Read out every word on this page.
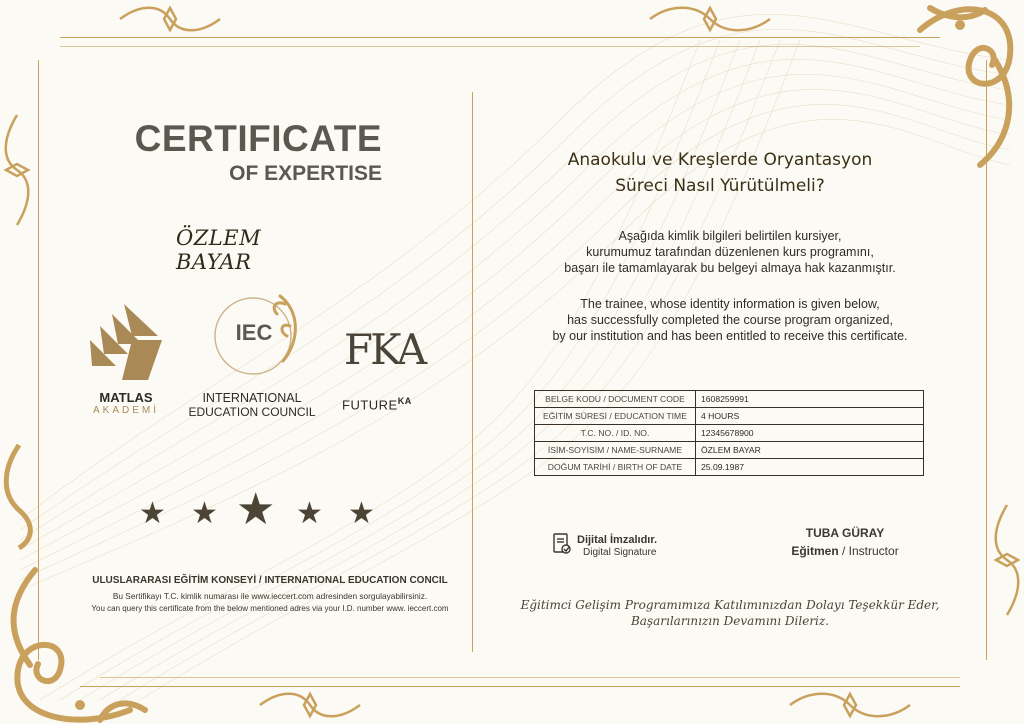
CERTIFICATE
OF EXPERTISE
ÖZLEM BAYAR
MATLAS
AKADEMİ
IEC
INTERNATIONAL
EDUCATION COUNCIL
FKA
$FUTURE^{KA}$
★ ★ ★ ★ ★
ULUSLARARASI EĞİTİM KONSEYİ / INTERNATIONAL EDUCATION CONCIL
Bu Sertifikayı T.C. kimlik numarası ile www.ieccert.com adresinden sorgulayabilirsiniz.
You can query this certificate from the below mentioned adres via your I.D. number www. ieccert.com
Anaokulu ve Kreşlerde Oryantasyon
Süreci Nasıl Yürütülmeli?
Aşağıda kimlik bilgileri belirtilen kursiyer,
kurumumuz tarafından düzenlenen kurs programını,
başarı ile tamamlayarak bu belgeyi almaya hak kazanmıştır.
The trainee, whose identity information is given below,
has successfully completed the course program organized,
by our institution and has been entitled to receive this certificate.
BELGE KODU / DOCUMENT CODE	1608259991
EĞİTİM SÜRESİ / EDUCATION TIME	4 HOURS
T.C. NO. / ID. NO.	12345678900
İSİM-SOYİSİM / NAME-SURNAME	ÖZLEM BAYAR
DOĞUM TARİHİ / BIRTH OF DATE	25.09.1987
Dijital İmzalıdır.
Digital Signature
TUBA GÜRAY
Eğitmen / Instructor
Eğitimci Gelişim Programımıza Katılımınızdan Dolayı Teşekkür Eder,
Başarılarınızın Devamını Dileriz.
